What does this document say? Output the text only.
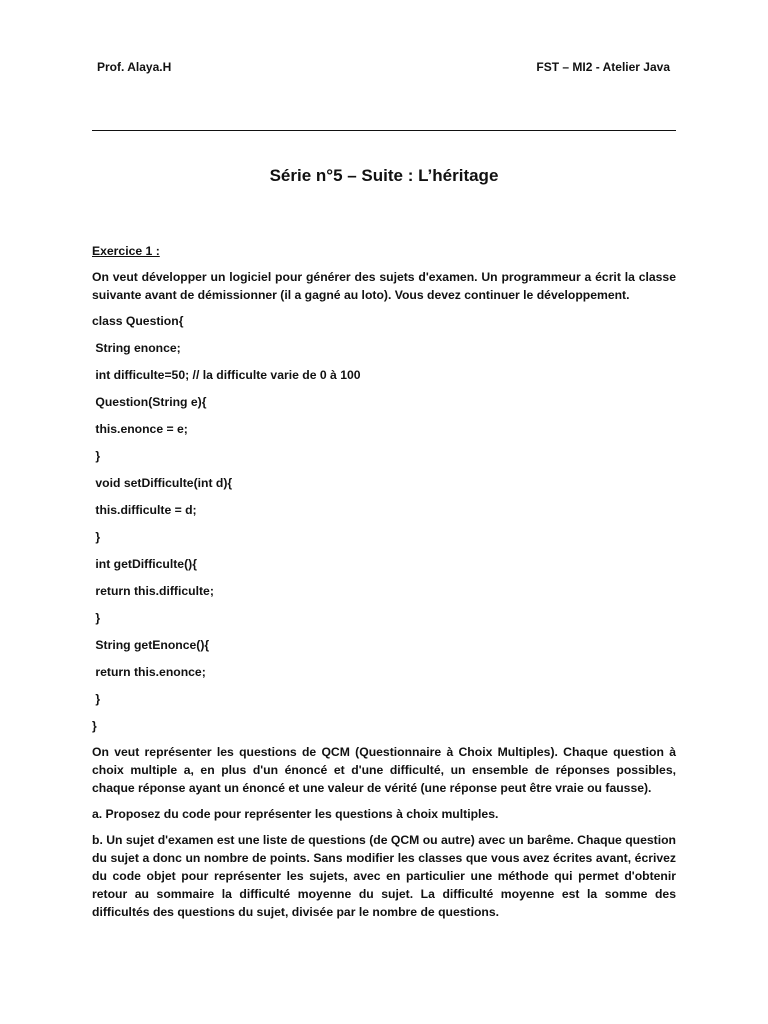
Prof. Alaya.H	FST – MI2 - Atelier Java
Série n°5 – Suite : L’héritage
Exercice 1 :
On veut développer un logiciel pour générer des sujets d'examen. Un programmeur a écrit la classe suivante avant de démissionner (il a gagné au loto). Vous devez continuer le développement.
class Question{
String enonce;
int difficulte=50; // la difficulte varie de 0 à 100
Question(String e){
this.enonce = e;
}
void setDifficulte(int d){
this.difficulte = d;
}
int getDifficulte(){
return this.difficulte;
}
String getEnonce(){
return this.enonce;
}
}
On veut représenter les questions de QCM (Questionnaire à Choix Multiples). Chaque question à choix multiple a, en plus d'un énoncé et d'une difficulté, un ensemble de réponses possibles, chaque réponse ayant un énoncé et une valeur de vérité (une réponse peut être vraie ou fausse).
a. Proposez du code pour représenter les questions à choix multiples.
b. Un sujet d'examen est une liste de questions (de QCM ou autre) avec un barême. Chaque question du sujet a donc un nombre de points. Sans modifier les classes que vous avez écrites avant, écrivez du code objet pour représenter les sujets, avec en particulier une méthode qui permet d'obtenir retour au sommaire la difficulté moyenne du sujet. La difficulté moyenne est la somme des difficultés des questions du sujet, divisée par le nombre de questions.
